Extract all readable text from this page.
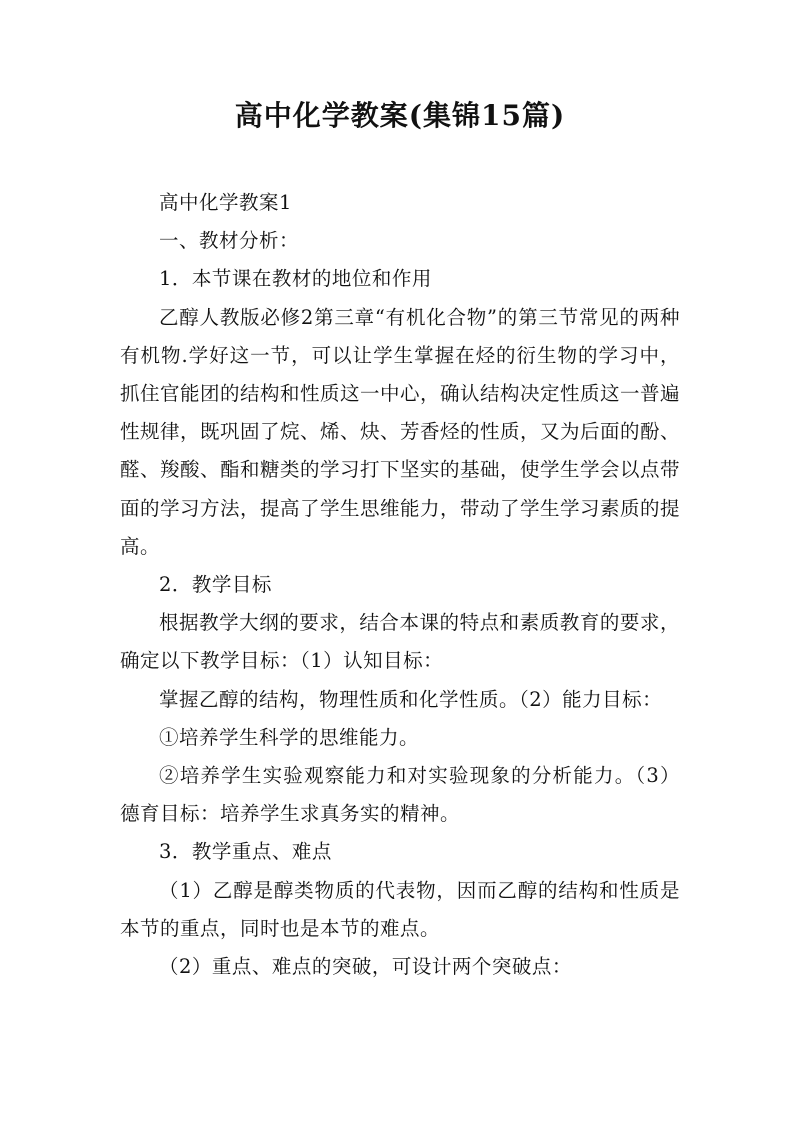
高中化学教案(集锦15篇)

高中化学教案1

一、教材分析：

1．本节课在教材的地位和作用

乙醇人教版必修2第三章“有机化合物”的第三节常见的两种有机物.学好这一节，可以让学生掌握在烃的衍生物的学习中，抓住官能团的结构和性质这一中心，确认结构决定性质这一普遍性规律，既巩固了烷、烯、炔、芳香烃的性质，又为后面的酚、醛、羧酸、酯和糖类的学习打下坚实的基础，使学生学会以点带面的学习方法，提高了学生思维能力，带动了学生学习素质的提高。

2．教学目标

根据教学大纲的要求，结合本课的特点和素质教育的要求，确定以下教学目标：（1）认知目标：

掌握乙醇的结构，物理性质和化学性质。（2）能力目标：

①培养学生科学的思维能力。

②培养学生实验观察能力和对实验现象的分析能力。（3）德育目标：培养学生求真务实的精神。

3．教学重点、难点

（1）乙醇是醇类物质的代表物，因而乙醇的结构和性质是本节的重点，同时也是本节的难点。

（2）重点、难点的突破，可设计两个突破点：
